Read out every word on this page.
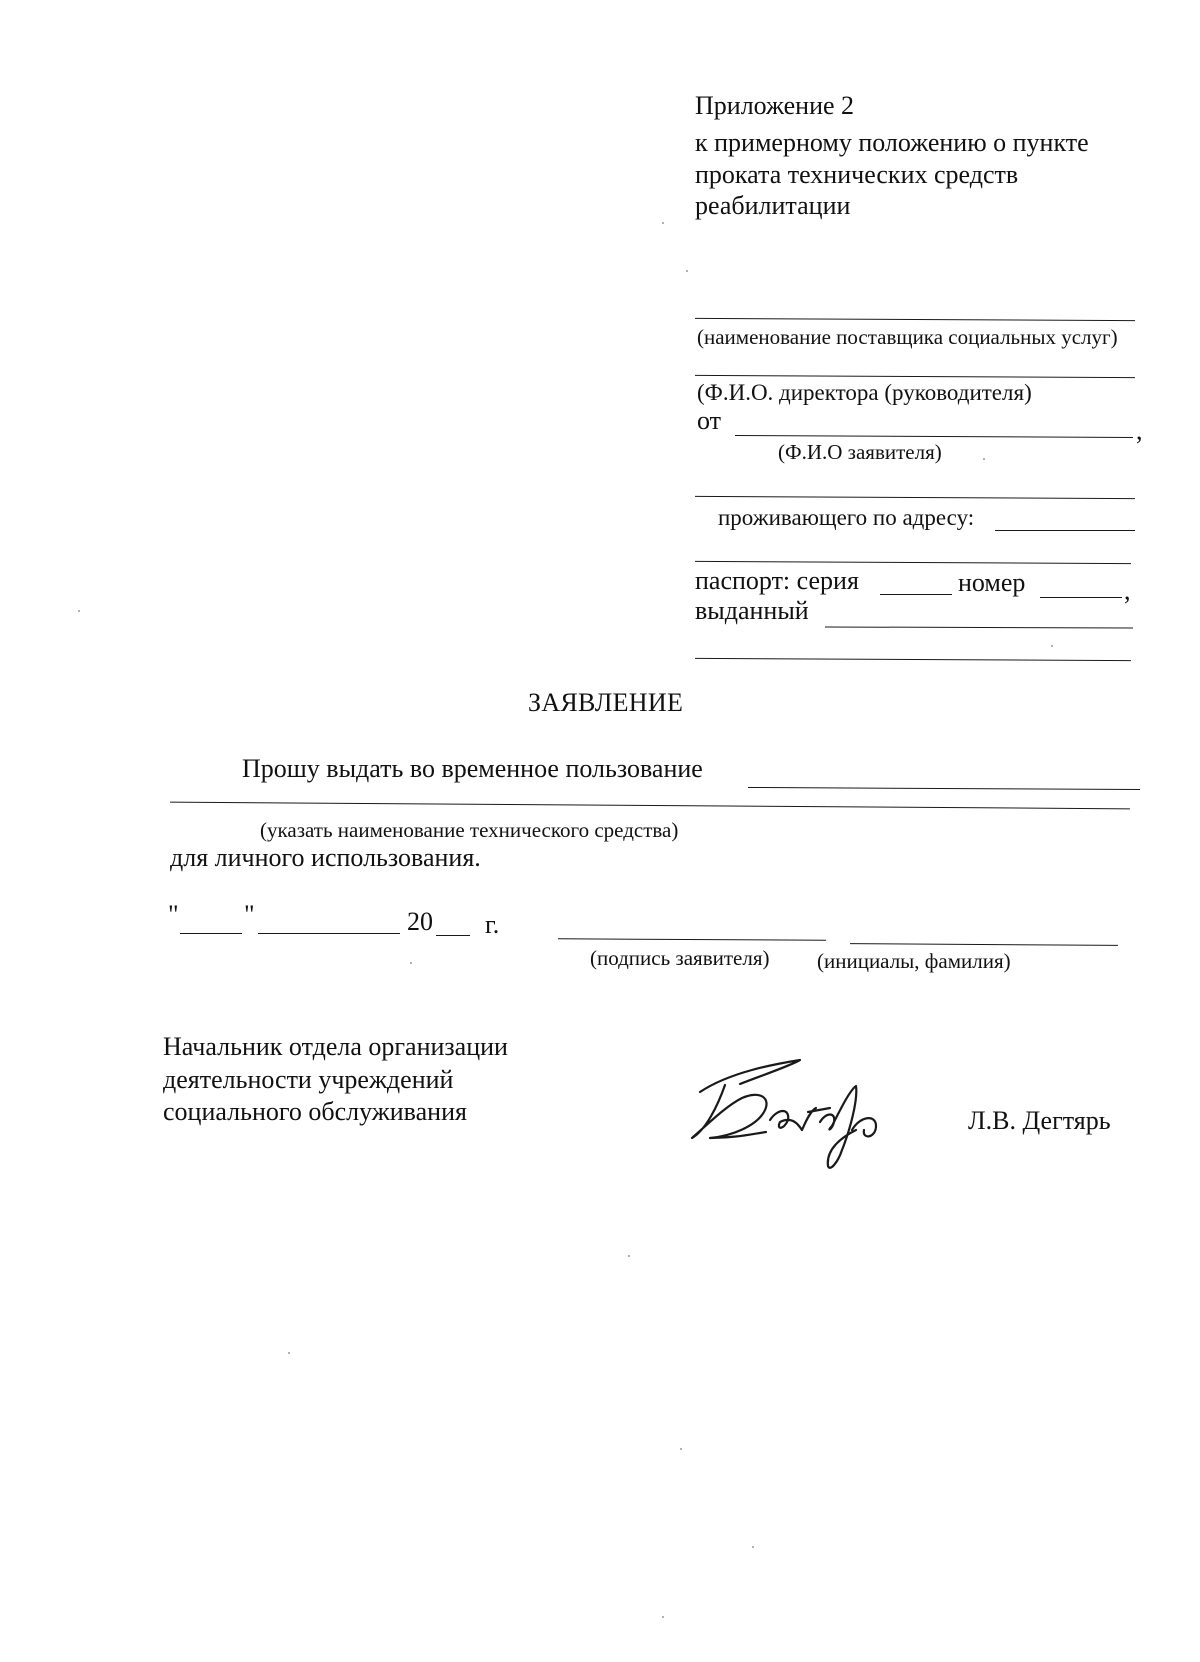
Приложение 2
к примерному положению о пункте
проката технических средств
реабилитации
(наименование поставщика социальных услуг)
(Ф.И.О. директора (руководителя)
от	,
(Ф.И.О заявителя)
проживающего по адресу:
паспорт: серия	номер	,
выданный
ЗАЯВЛЕНИЕ
Прошу выдать во временное пользование
(указать наименование технического средства)
для личного использования.
"	"	20 г.
(подпись заявителя) (инициалы, фамилия)
Начальник отдела организации
деятельности учреждений
социального обслуживания	Л.В. Дегтярь
